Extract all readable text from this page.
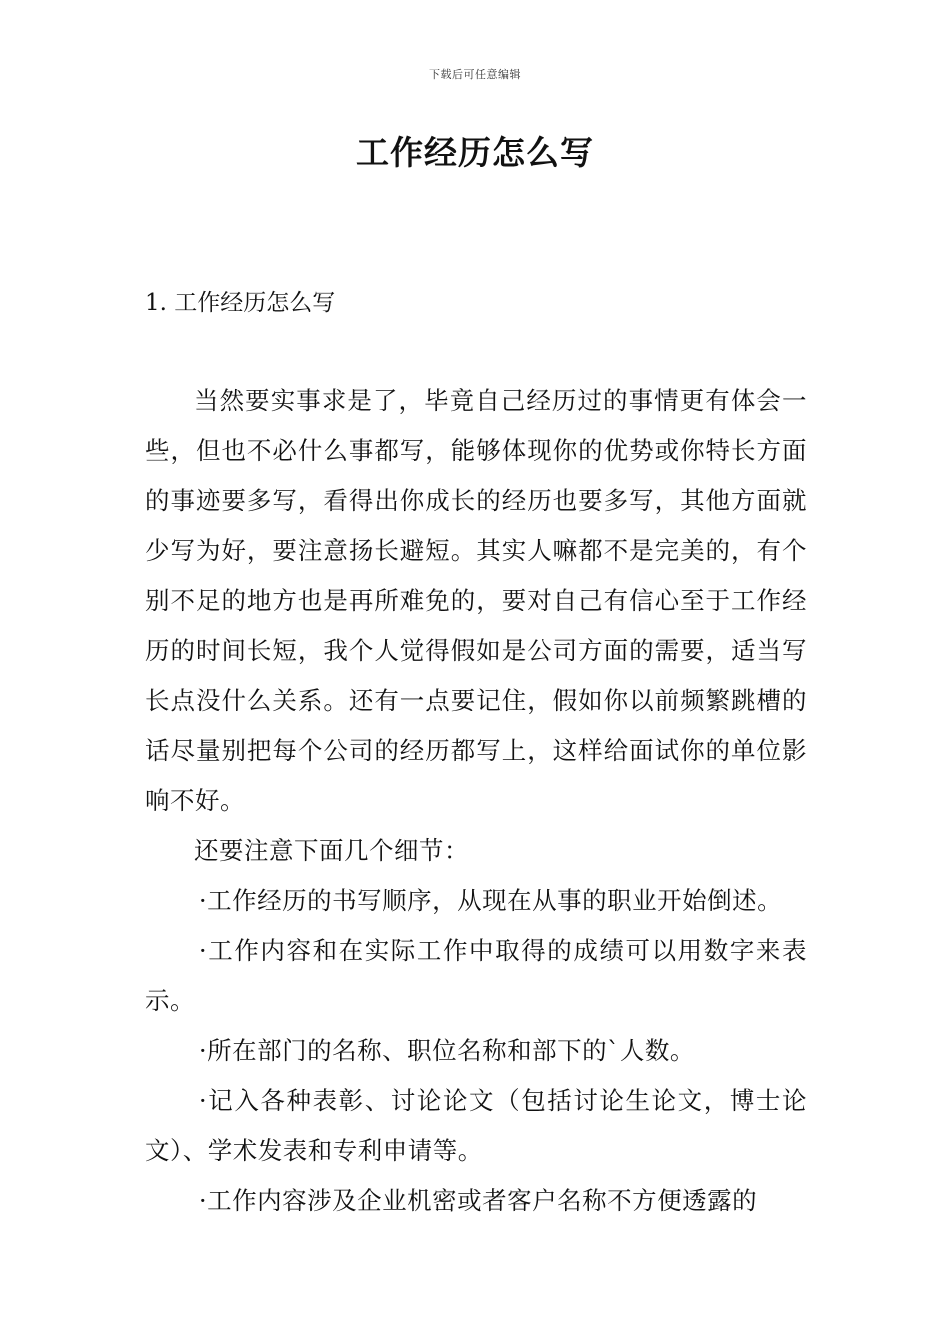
下载后可任意编辑
工作经历怎么写
1. 工作经历怎么写

当然要实事求是了，毕竟自己经历过的事情更有体会一些，但也不必什么事都写，能够体现你的优势或你特长方面的事迹要多写，看得出你成长的经历也要多写，其他方面就少写为好，要注意扬长避短。其实人嘛都不是完美的，有个别不足的地方也是再所难免的，要对自己有信心至于工作经历的时间长短，我个人觉得假如是公司方面的需要，适当写长点没什么关系。还有一点要记住，假如你以前频繁跳槽的话尽量别把每个公司的经历都写上，这样给面试你的单位影响不好。

还要注意下面几个细节：

·工作经历的书写顺序，从现在从事的职业开始倒述。

·工作内容和在实际工作中取得的成绩可以用数字来表示。

·所在部门的名称、职位名称和部下的`人数。

·记入各种表彰、讨论论文（包括讨论生论文，博士论文）、学术发表和专利申请等。

·工作内容涉及企业机密或者客户名称不方便透露的
